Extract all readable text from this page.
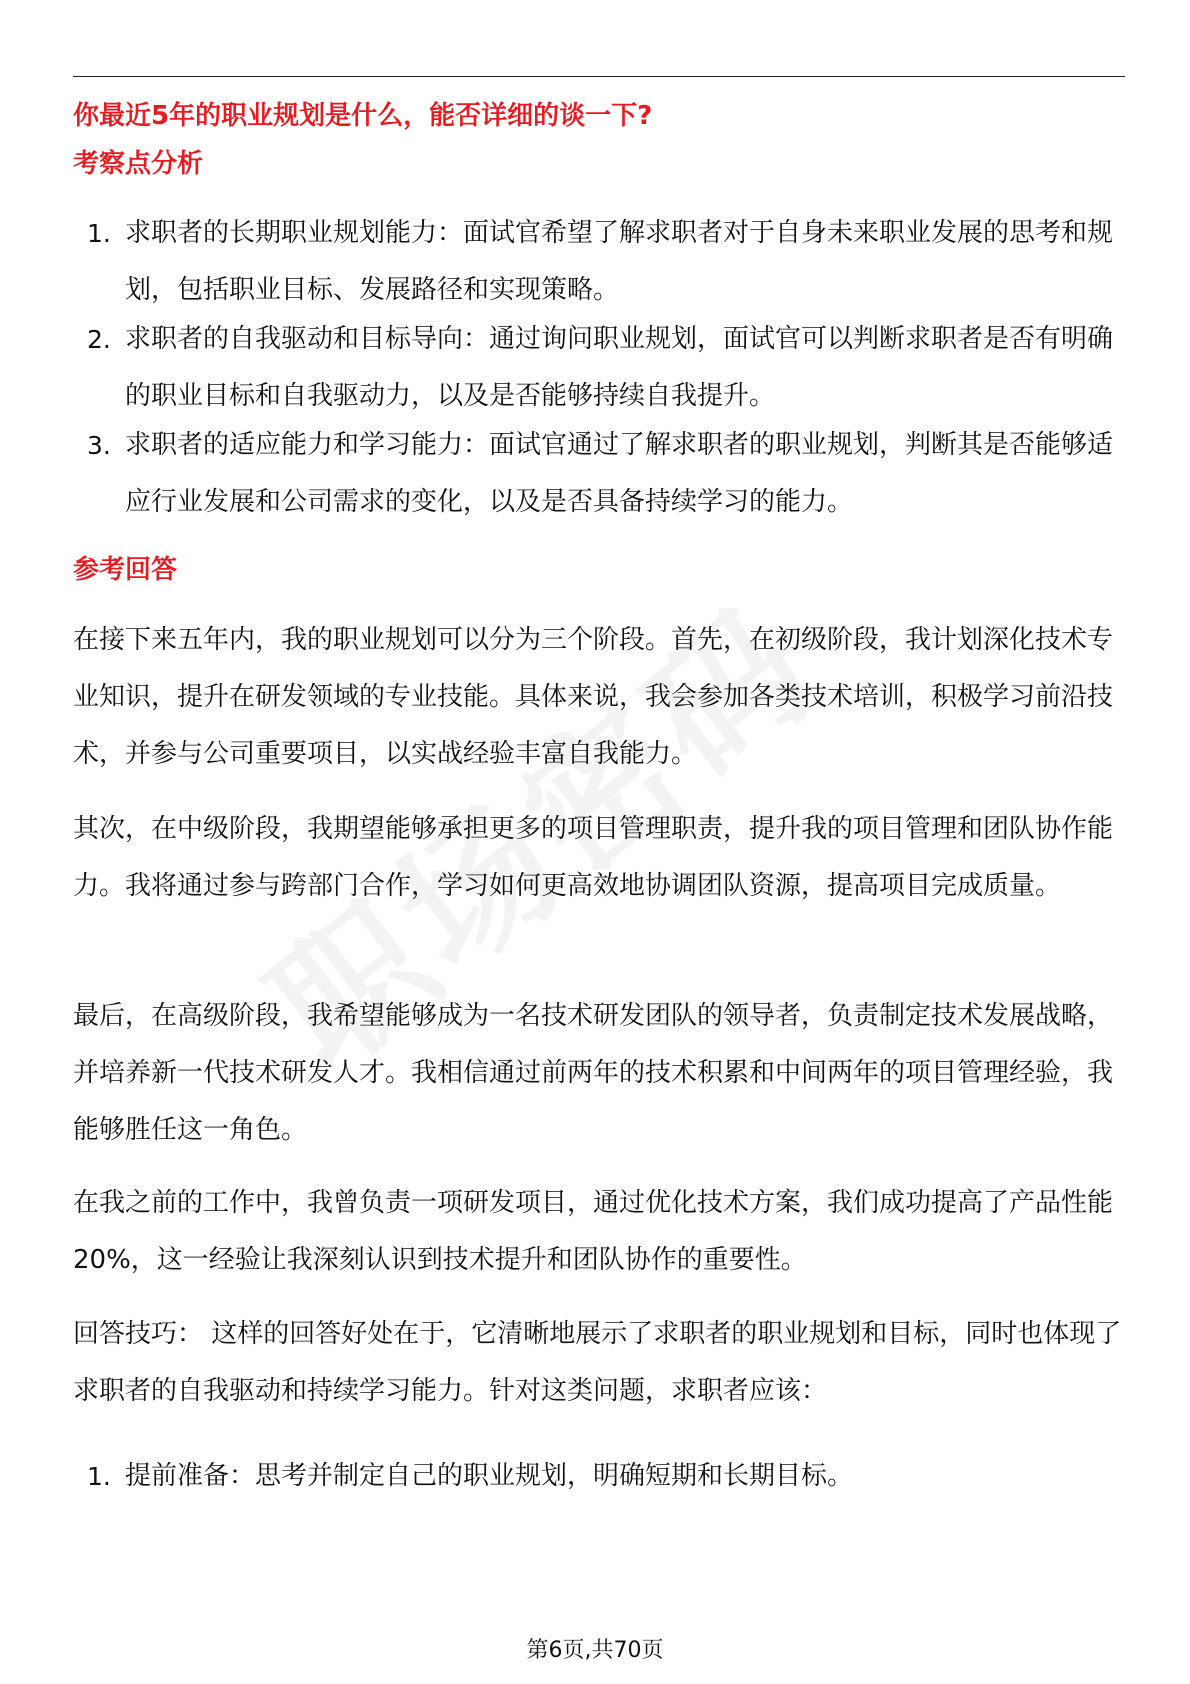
你最近5年的职业规划是什么，能否详细的谈一下?
考察点分析
1. 求职者的长期职业规划能力：面试官希望了解求职者对于自身未来职业发展的思考和规划，包括职业目标、发展路径和实现策略。
2. 求职者的自我驱动和目标导向：通过询问职业规划，面试官可以判断求职者是否有明确的职业目标和自我驱动力，以及是否能够持续自我提升。
3. 求职者的适应能力和学习能力：面试官通过了解求职者的职业规划，判断其是否能够适应行业发展和公司需求的变化，以及是否具备持续学习的能力。
参考回答

在接下来五年内，我的职业规划可以分为三个阶段。首先，在初级阶段，我计划深化技术专业知识，提升在研发领域的专业技能。具体来说，我会参加各类技术培训，积极学习前沿技术，并参与公司重要项目，以实战经验丰富自我能力。

其次，在中级阶段，我期望能够承担更多的项目管理职责，提升我的项目管理和团队协作能力。我将通过参与跨部门合作，学习如何更高效地协调团队资源，提高项目完成质量。

最后，在高级阶段，我希望能够成为一名技术研发团队的领导者，负责制定技术发展战略，并培养新一代技术研发人才。我相信通过前两年的技术积累和中间两年的项目管理经验，我能够胜任这一角色。

在我之前的工作中，我曾负责一项研发项目，通过优化技术方案，我们成功提高了产品性能20%，这一经验让我深刻认识到技术提升和团队协作的重要性。

回答技巧： 这样的回答好处在于，它清晰地展示了求职者的职业规划和目标，同时也体现了求职者的自我驱动和持续学习能力。针对这类问题，求职者应该：

1. 提前准备：思考并制定自己的职业规划，明确短期和长期目标。
第6页,共70页
